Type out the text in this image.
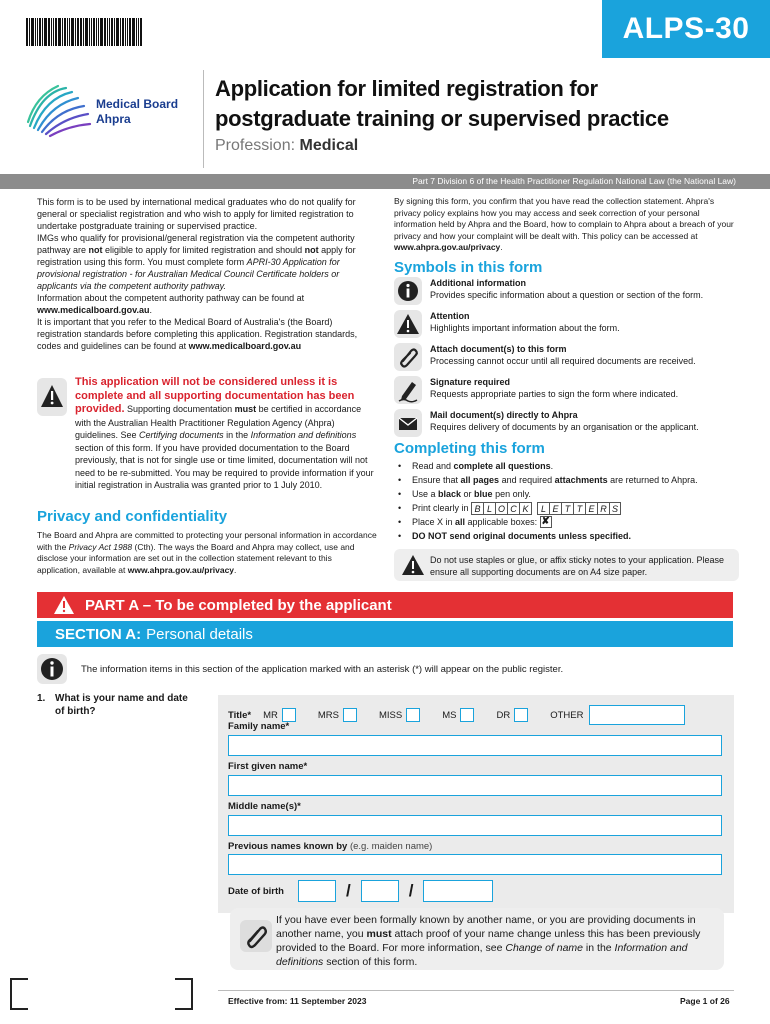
ALPS-30
Medical Board
Ahpra
Application for limited registration for
postgraduate training or supervised practice
Profession: Medical
Part 7 Division 6 of the Health Practitioner Regulation National Law (the National Law)

This form is to be used by international medical graduates who do not qualify for general or specialist registration and who wish to apply for limited registration to undertake postgraduate training or supervised practice.

IMGs who qualify for provisional/general registration via the competent authority pathway are not eligible to apply for limited registration and should not apply for registration using this form. You must complete form APRI-30 Application for provisional registration - for Australian Medical Council Certificate holders or applicants via the competent authority pathway.

Information about the competent authority pathway can be found at www.medicalboard.gov.au.

It is important that you refer to the Medical Board of Australia's (the Board) registration standards before completing this application. Registration standards, codes and guidelines can be found at www.medicalboard.gov.au

This application will not be considered unless it is complete and all supporting documentation has been provided. Supporting documentation must be certified in accordance with the Australian Health Practitioner Regulation Agency (Ahpra) guidelines. See Certifying documents in the Information and definitions section of this form. If you have provided documentation to the Board previously, that is not for single use or time limited, documentation will not need to be re-submitted. You may be required to provide information if your initial registration in Australia was granted prior to 1 July 2010.
Privacy and confidentiality
The Board and Ahpra are committed to protecting your personal information in accordance with the Privacy Act 1988 (Cth). The ways the Board and Ahpra may collect, use and disclose your information are set out in the collection statement relevant to this application, available at www.ahpra.gov.au/privacy.

By signing this form, you confirm that you have read the collection statement. Ahpra's privacy policy explains how you may access and seek correction of your personal information held by Ahpra and the Board, how to complain to Ahpra about a breach of your privacy and how your complaint will be dealt with. This policy can be accessed at www.ahpra.gov.au/privacy.

Symbols in this form
Additional information
Provides specific information about a question or section of the form.
Attention
Highlights important information about the form.
Attach document(s) to this form
Processing cannot occur until all required documents are received.
Signature required
Requests appropriate parties to sign the form where indicated.
Mail document(s) directly to Ahpra
Requires delivery of documents by an organisation or the applicant.
Completing this form
• Read and complete all questions.
• Ensure that all pages and required attachments are returned to Ahpra.
• Use a black or blue pen only.
• Print clearly in B L O C K	L E T T E R S
• Place X in all applicable boxes: ✘
• DO NOT send original documents unless specified.
Do not use staples or glue, or affix sticky notes to your application. Please ensure all supporting documents are on A4 size paper.
PART A – To be completed by the applicant
SECTION A: Personal details
The information items in this section of the application marked with an asterisk (*) will appear on the public register.
1. What is your name and date
of birth?	Title* MR	MRS	MISS	MS	DR	OTHER
Family name*
First given name*
Middle name(s)*
Previous names known by (e.g. maiden name)
Date of birth	/	/
If you have ever been formally known by another name, or you are providing documents in another name, you must attach proof of your name change unless this has been previously provided to the Board. For more information, see Change of name in the Information and definitions section of this form.
Effective from: 11 September 2023	Page 1 of 26
